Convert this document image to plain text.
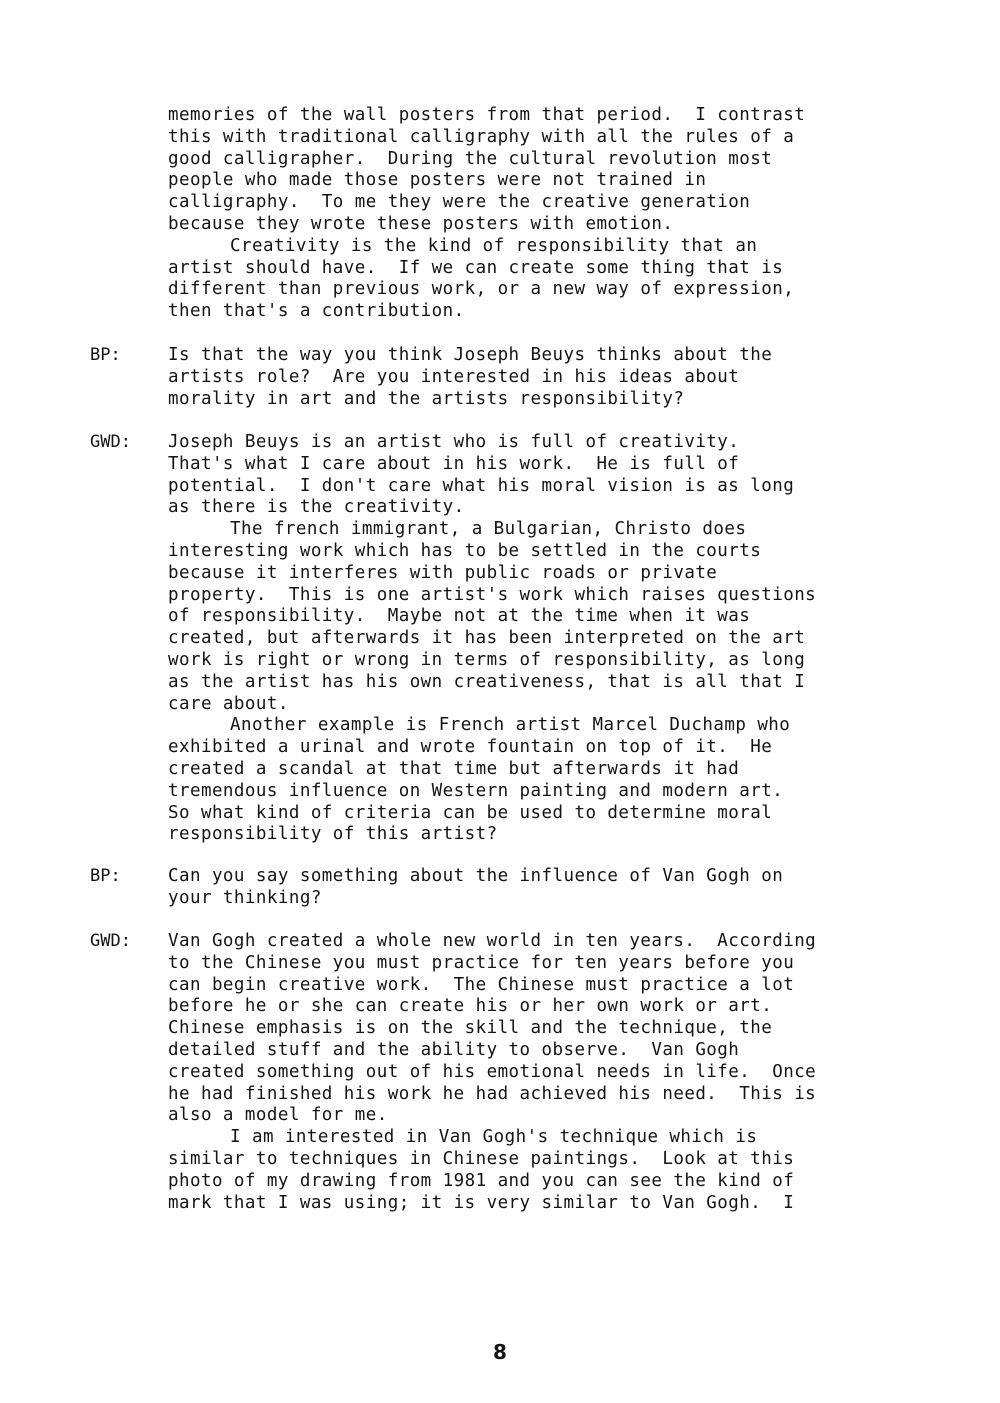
memories of the wall posters from that period.  I contrast
this with traditional calligraphy with all the rules of a
good calligrapher.  During the cultural revolution most
people who made those posters were not trained in
calligraphy.  To me they were the creative generation
because they wrote these posters with emotion.
Creativity is the kind of responsibility that an
artist should have.  If we can create some thing that is
different than previous work, or a new way of expression,
then that's a contribution.
BP:	Is that the way you think Joseph Beuys thinks about the
artists role?  Are you interested in his ideas about
morality in art and the artists responsibility?
GWD: Joseph Beuys is an artist who is full of creativity.
That's what I care about in his work.  He is full of
potential.  I don't care what his moral vision is as long
as there is the creativity.
The french immigrant, a Bulgarian, Christo does
interesting work which has to be settled in the courts
because it interferes with public roads or private
property.  This is one artist's work which raises questions
of responsibility.  Maybe not at the time when it was
created, but afterwards it has been interpreted on the art
work is right or wrong in terms of responsibility, as long
as the artist has his own creativeness, that is all that I
care about.
Another example is French artist Marcel Duchamp who
exhibited a urinal and wrote fountain on top of it.  He
created a scandal at that time but afterwards it had
tremendous influence on Western painting and modern art.
So what kind of criteria can be used to determine moral
responsibility of this artist?
BP:	Can you say something about the influence of Van Gogh on
your thinking?
GWD: Van Gogh created a whole new world in ten years.  According
to the Chinese you must practice for ten years before you
can begin creative work.  The Chinese must practice a lot
before he or she can create his or her own work or art.
Chinese emphasis is on the skill and the technique, the
detailed stuff and the ability to observe.  Van Gogh
created something out of his emotional needs in life.  Once
he had finished his work he had achieved his need.  This is
also a model for me.
I am interested in Van Gogh's technique which is
similar to techniques in Chinese paintings.  Look at this
photo of my drawing from 1981 and you can see the kind of
mark that I was using; it is very similar to Van Gogh.  I
8
